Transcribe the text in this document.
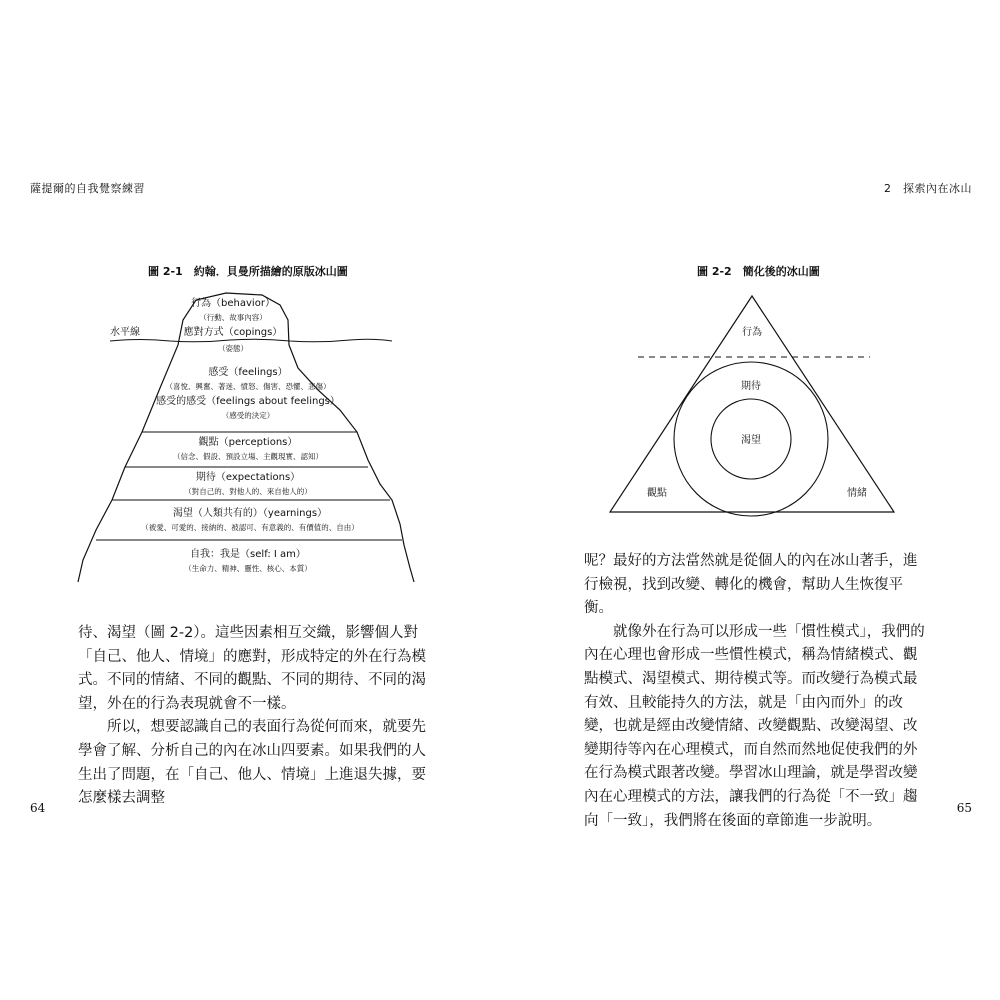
薩提爾的自我覺察練習
圖 2-1　約翰．貝曼所描繪的原版冰山圖
水平線
行為（behavior）
（行動、故事內容）
應對方式（copings）
（姿態）
感受（feelings）
（喜悅、興奮、著迷、憤怒、傷害、恐懼、悲傷）
感受的感受（feelings about feelings）
（感受的決定）
觀點（perceptions）
（信念、假設、預設立場、主觀現實、認知）
期待（expectations）
（對自己的、對他人的、來自他人的）
渴望（人類共有的）（yearnings）
（被愛、可愛的、接納的、被認可、有意義的、有價值的、自由）
自我：我是（self: I am）
（生命力、精神、靈性、核心、本質）

待、渴望（圖 2-2）。這些因素相互交織，影響個人對「自己、他人、情境」的應對，形成特定的外在行為模式。不同的情緒、不同的觀點、不同的期待、不同的渴望，外在的行為表現就會不一樣。

　　所以，想要認識自己的表面行為從何而來，就要先學會了解、分析自己的內在冰山四要素。如果我們的人生出了問題，在「自己、他人、情境」上進退失據，要怎麼樣去調整

64
2　探索內在冰山
圖 2-2　簡化後的冰山圖
行為
期待
渴望
觀點	情緒

呢？最好的方法當然就是從個人的內在冰山著手，進行檢視，找到改變、轉化的機會，幫助人生恢復平衡。

　　就像外在行為可以形成一些「慣性模式」，我們的內在心理也會形成一些慣性模式，稱為情緒模式、觀點模式、渴望模式、期待模式等。而改變行為模式最有效、且較能持久的方法，就是「由內而外」的改變，也就是經由改變情緒、改變觀點、改變渴望、改變期待等內在心理模式，而自然而然地促使我們的外在行為模式跟著改變。學習冰山理論，就是學習改變內在心理模式的方法，讓我們的行為從「不一致」趨向「一致」，我們將在後面的章節進一步說明。

65
